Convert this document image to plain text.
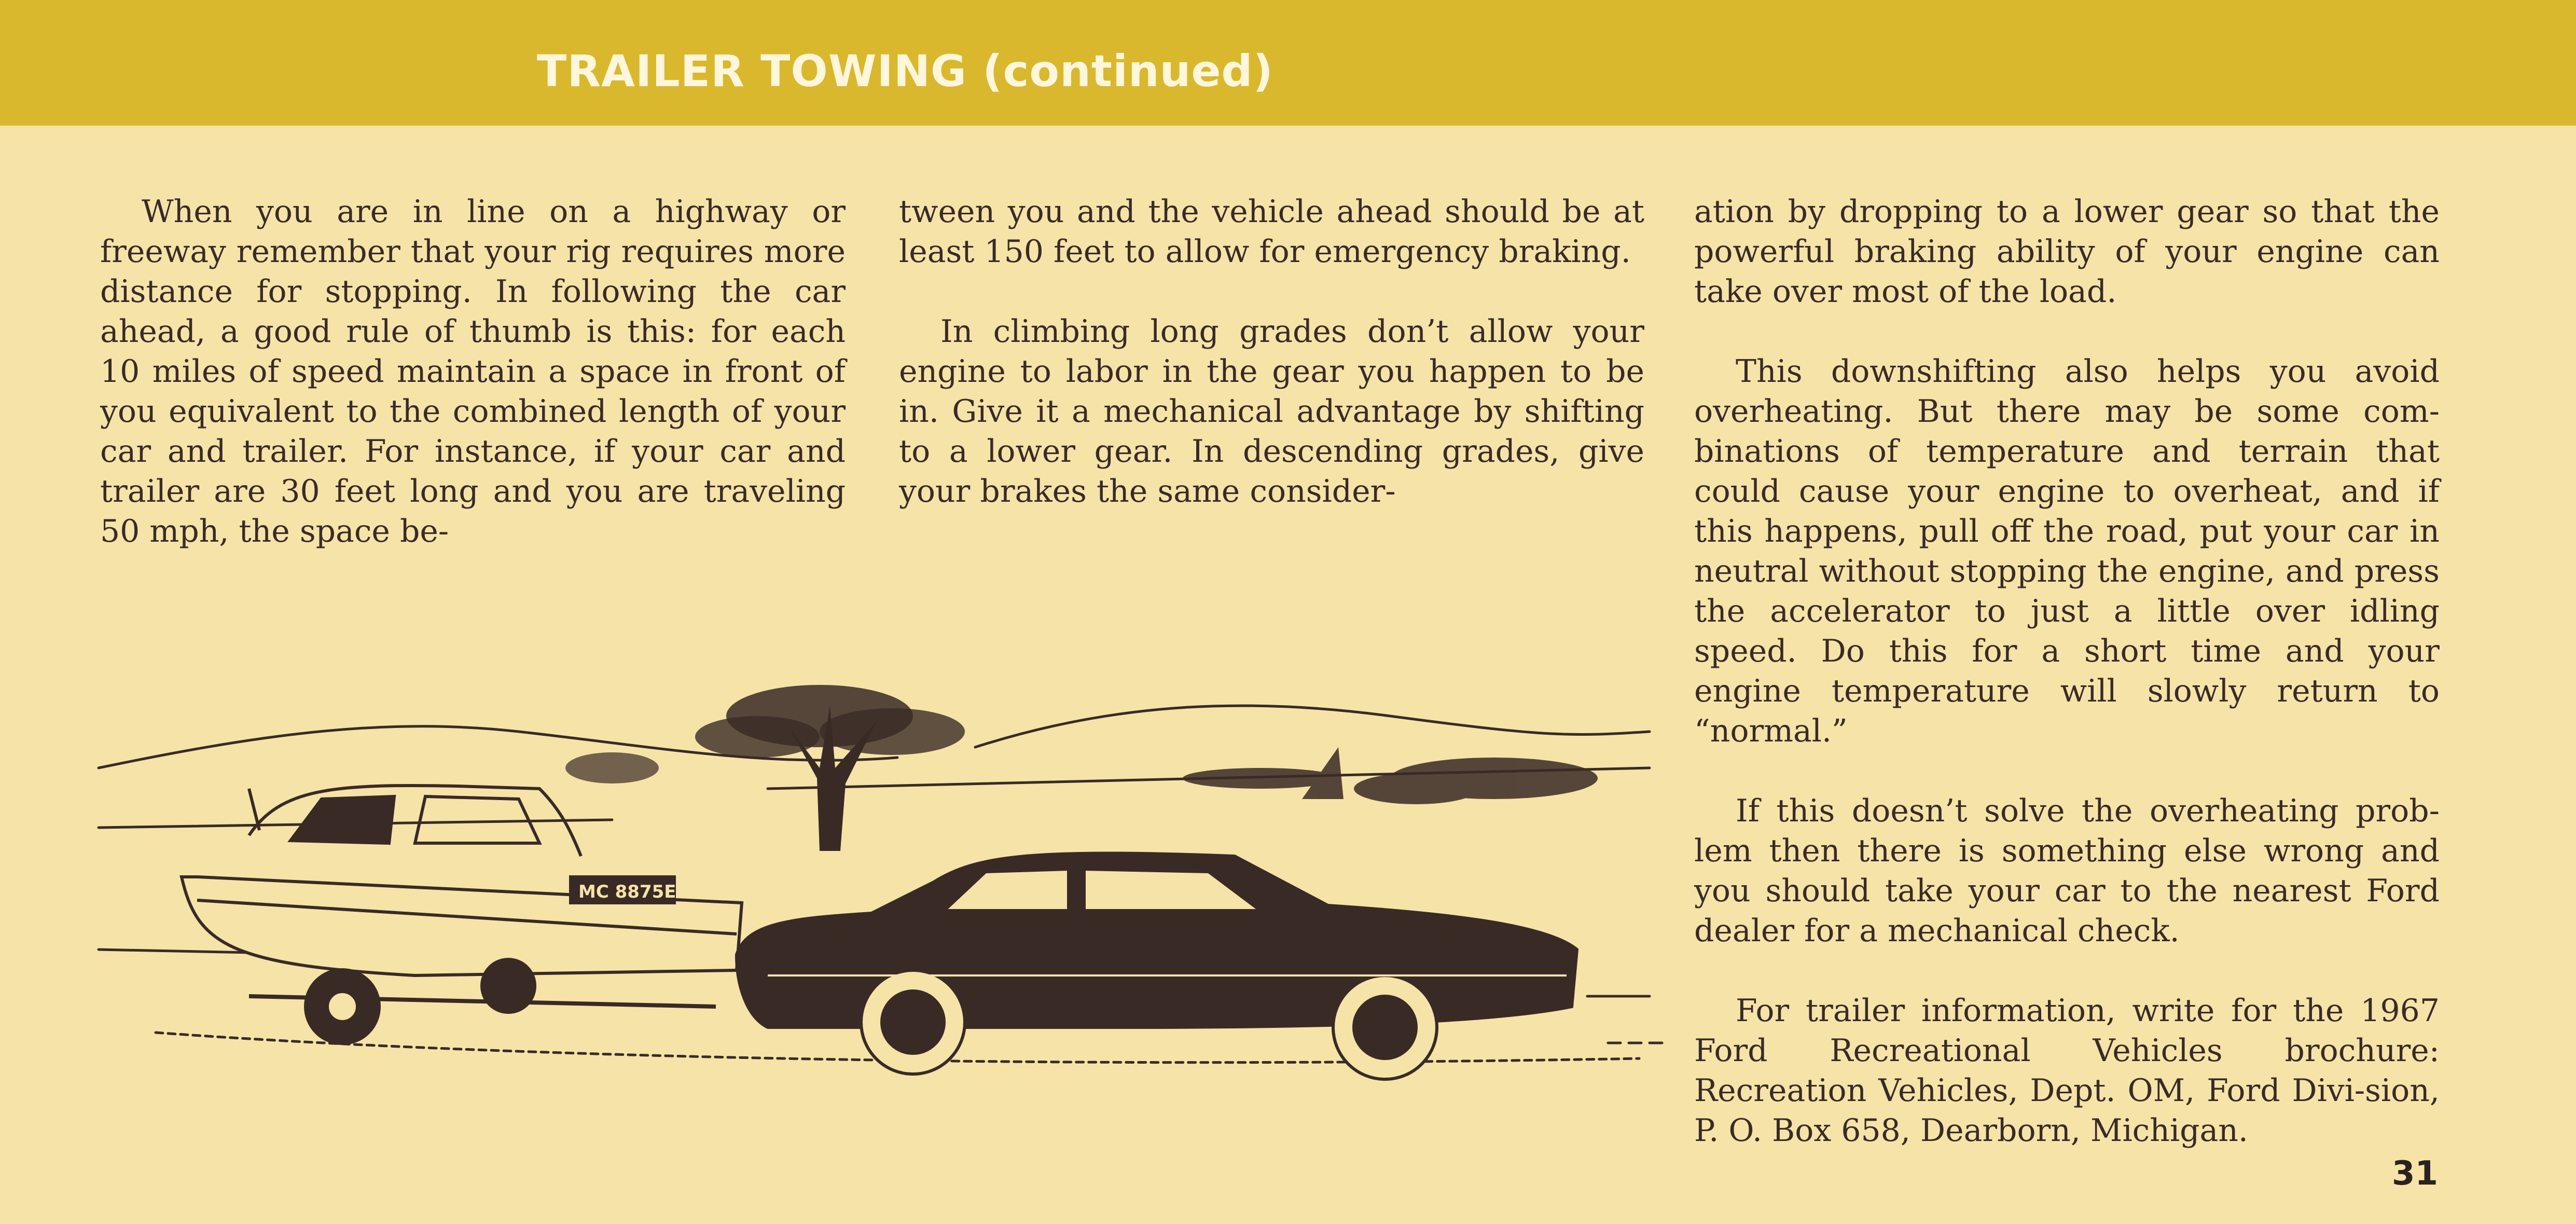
TRAILER TOWING (continued)

When you are in line on a highway or freeway remember that your rig requires more distance for stopping. In following the car ahead, a good rule of thumb is this: for each 10 miles of speed maintain a space in front of you equivalent to the combined length of your car and trailer. For instance, if your car and trailer are 30 feet long and you are traveling 50 mph, the space be-

tween you and the vehicle ahead should be at least 150 feet to allow for emergency braking.

In climbing long grades don’t allow your engine to labor in the gear you happen to be in. Give it a mechanical advantage by shifting to a lower gear. In descending grades, give your brakes the same consider-

ation by dropping to a lower gear so that the powerful braking ability of your engine can take over most of the load.

This downshifting also helps you avoid overheating. But there may be some com-binations of temperature and terrain that could cause your engine to overheat, and if this happens, pull off the road, put your car in neutral without stopping the engine, and press the accelerator to just a little over idling speed. Do this for a short time and your engine temperature will slowly return to “normal.”

If this doesn’t solve the overheating prob-lem then there is something else wrong and you should take your car to the nearest Ford dealer for a mechanical check.

For trailer information, write for the 1967 Ford Recreational Vehicles brochure: Recreation Vehicles, Dept. OM, Ford Divi-sion, P. O. Box 658, Dearborn, Michigan.

MC 8875E
31
